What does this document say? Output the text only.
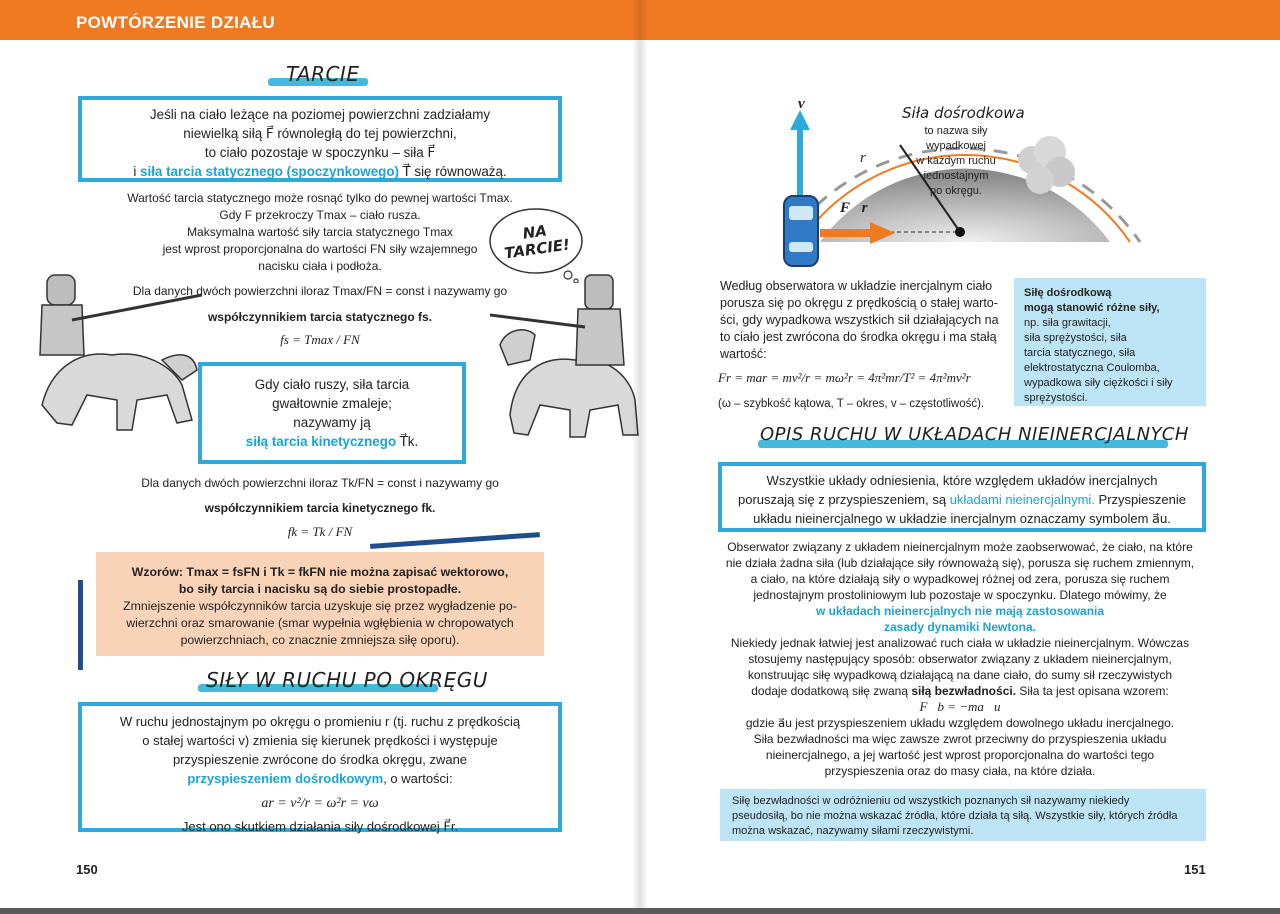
POWTÓRZENIE DZIAŁU
TARCIE
Jeśli na ciało leżące na poziomej powierzchni zadziałamy
niewielką siłą F⃗ równoległą do tej powierzchni,
to ciało pozostaje w spoczynku – siła F⃗
i siła tarcia statycznego (spoczynkowego) T⃗ się równoważą.
Wartość tarcia statycznego może rosnąć tylko do pewnej wartości Tmax.
Gdy F przekroczy Tmax – ciało rusza.
Maksymalna wartość siły tarcia statycznego Tmax
jest wprost proporcjonalna do wartości FN siły wzajemnego
nacisku ciała i podłoża.
Dla danych dwóch powierzchni iloraz Tmax/FN = const i nazywamy go
współczynnikiem tarcia statycznego fs.
fs = Tmax / FN
NA TARCIE!
Gdy ciało ruszy, siła tarcia
gwałtownie zmaleje;
nazywamy ją
siłą tarcia kinetycznego T⃗k.
Dla danych dwóch powierzchni iloraz Tk/FN = const i nazywamy go
współczynnikiem tarcia kinetycznego fk.
fk = Tk / FN
Wzorów: Tmax = fsFN i Tk = fkFN nie można zapisać wektorowo,
bo siły tarcia i nacisku są do siebie prostopadłe.
Zmniejszenie współczynników tarcia uzyskuje się przez wygładzenie po-
wierzchni oraz smarowanie (smar wypełnia wgłębienia w chropowatych
powierzchniach, co znacznie zmniejsza siłę oporu).
SIŁY W RUCHU PO OKRĘGU
W ruchu jednostajnym po okręgu o promieniu r (tj. ruchu z prędkością
o stałej wartości v) zmienia się kierunek prędkości i występuje
przyspieszenie zwrócone do środka okręgu, zwane
przyspieszeniem dośrodkowym, o wartości:
ar = v²/r = ω²r = vω
Jest ono skutkiem działania siły dośrodkowej F⃗r.
150
Siła dośrodkowa
to nazwa siły
wypadkowej
w każdym ruchu
jednostajnym
po okręgu.
r
v⃗
F⃗r
Według obserwatora w układzie inercjalnym ciało
porusza się po okręgu z prędkością o stałej warto-
ści, gdy wypadkowa wszystkich sił działających na
to ciało jest zwrócona do środka okręgu i ma stałą
wartość:
Fr = mar = mv²/r = mω²r = 4π²mr/T² = 4π²mv²r
(ω – szybkość kątowa, T – okres, v – częstotliwość).
Siłę dośrodkową
mogą stanowić różne siły,
np. siła grawitacji,
siła sprężystości, siła
tarcia statycznego, siła
elektrostatyczna Coulomba,
wypadkowa siły ciężkości i siły
sprężystości.
OPIS RUCHU W UKŁADACH NIEINERCJALNYCH
Wszystkie układy odniesienia, które względem układów inercjalnych
poruszają się z przyspieszeniem, są układami nieinercjalnymi. Przyspieszenie
układu nieinercjalnego w układzie inercjalnym oznaczamy symbolem a⃗u.
Obserwator związany z układem nieinercjalnym może zaobserwować, że ciało, na które
nie działa żadna siła (lub działające siły równoważą się), porusza się ruchem zmiennym,
a ciało, na które działają siły o wypadkowej różnej od zera, porusza się ruchem
jednostajnym prostoliniowym lub pozostaje w spoczynku. Dlatego mówimy, że
w układach nieinercjalnych nie mają zastosowania
zasady dynamiki Newtona.
Niekiedy jednak łatwiej jest analizować ruch ciała w układzie nieinercjalnym. Wówczas
stosujemy następujący sposób: obserwator związany z układem nieinercjalnym,
konstruując siłę wypadkową działającą na dane ciało, do sumy sił rzeczywistych
dodaje dodatkową siłę zwaną siłą bezwładności. Siła ta jest opisana wzorem:
F⃗b = −ma⃗u
gdzie a⃗u jest przyspieszeniem układu względem dowolnego układu inercjalnego.
Siła bezwładności ma więc zawsze zwrot przeciwny do przyspieszenia układu
nieinercjalnego, a jej wartość jest wprost proporcjonalna do wartości tego
przyspieszenia oraz do masy ciała, na które działa.
Siłę bezwładności w odróżnieniu od wszystkich poznanych sił nazywamy niekiedy
pseudosiłą, bo nie można wskazać źródła, które działa tą siłą. Wszystkie siły, których źródła
można wskazać, nazywamy siłami rzeczywistymi.
151
